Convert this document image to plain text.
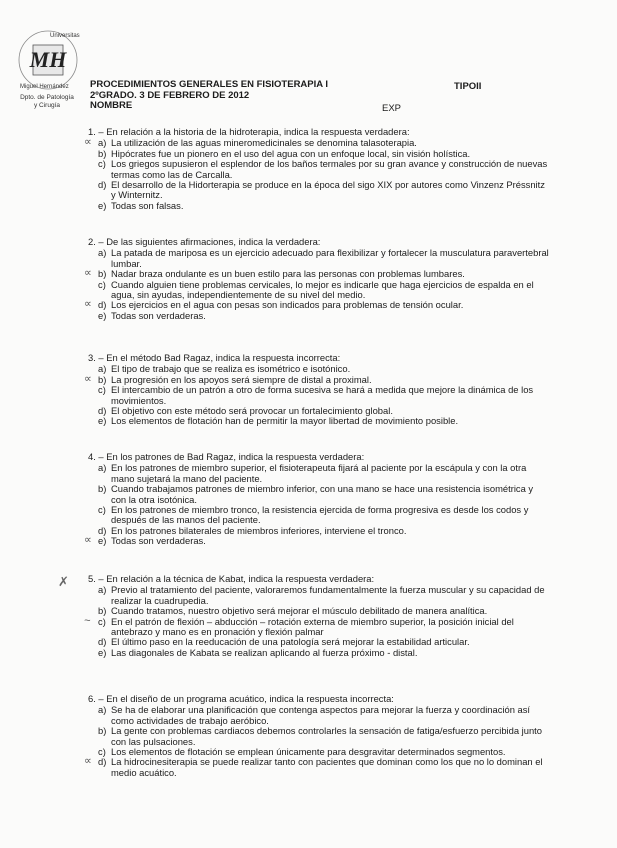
MH
Miguel Hernández
Universitas
Dpto. de Patología
y Cirugía
PROCEDIMIENTOS GENERALES EN FISIOTERAPIA I
2ºGRADO. 3 DE FEBRERO DE 2012
NOMBRE
TIPOII
EXP
✗
1. – En relación a la historia de la hidroterapia, indica la respuesta verdadera:
∝ a) La utilización de las aguas mineromedicinales se denomina talasoterapia.
b) Hipócrates fue un pionero en el uso del agua con un enfoque local, sin visión holística.
c) Los griegos supusieron el esplendor de los baños termales por su gran avance y construcción de nuevas termas como las de Carcalla.
d) El desarrollo de la Hidorterapia se produce en la época del sigo XIX por autores como Vinzenz Préssnitz y Winternitz.
e) Todas son falsas.
2. – De las siguientes afirmaciones, indica la verdadera:
a) La patada de mariposa es un ejercicio adecuado para flexibilizar y fortalecer la musculatura paravertebral lumbar.
∝ b) Nadar braza ondulante es un buen estilo para las personas con problemas lumbares.
c) Cuando alguien tiene problemas cervicales, lo mejor es indicarle que haga ejercicios de espalda en el agua, sin ayudas, independientemente de su nivel del medio.
∝ d) Los ejercicios en el agua con pesas son indicados para problemas de tensión ocular.
e) Todas son verdaderas.
3. – En el método Bad Ragaz, indica la respuesta incorrecta:
a) El tipo de trabajo que se realiza es isométrico e isotónico.
∝ b) La progresión en los apoyos será siempre de distal a proximal.
c) El intercambio de un patrón a otro de forma sucesiva se hará a medida que mejore la dinámica de los movimientos.
d) El objetivo con este método será provocar un fortalecimiento global.
e) Los elementos de flotación han de permitir la mayor libertad de movimiento posible.
4. – En los patrones de Bad Ragaz, indica la respuesta verdadera:
a) En los patrones de miembro superior, el fisioterapeuta fijará al paciente por la escápula y con la otra mano sujetará la mano del paciente.
b) Cuando trabajamos patrones de miembro inferior, con una mano se hace una resistencia isométrica y con la otra isotónica.
c) En los patrones de miembro tronco, la resistencia ejercida de forma progresiva es desde los codos y después de las manos del paciente.
d) En los patrones bilaterales de miembros inferiores, interviene el tronco.
∝ e) Todas son verdaderas.
5. – En relación a la técnica de Kabat, indica la respuesta verdadera:
a) Previo al tratamiento del paciente, valoraremos fundamentalmente la fuerza muscular y su capacidad de realizar la cuadrupedia.
b) Cuando tratamos, nuestro objetivo será mejorar el músculo debilitado de manera analítica.
~ c) En el patrón de flexión – abducción – rotación externa de miembro superior, la posición inicial del antebrazo y mano es en pronación y flexión palmar
d) El último paso en la reeducación de una patología será mejorar la estabilidad articular.
e) Las diagonales de Kabata se realizan aplicando al fuerza próximo - distal.
6. – En el diseño de un programa acuático, indica la respuesta incorrecta:
a) Se ha de elaborar una planificación que contenga aspectos para mejorar la fuerza y coordinación así como actividades de trabajo aeróbico.
b) La gente con problemas cardiacos debemos controlarles la sensación de fatiga/esfuerzo percibida junto con las pulsaciones.
c) Los elementos de flotación se emplean únicamente para desgravitar determinados segmentos.
∝ d) La hidrocinesiterapia se puede realizar tanto con pacientes que dominan como los que no lo dominan el medio acuático.
